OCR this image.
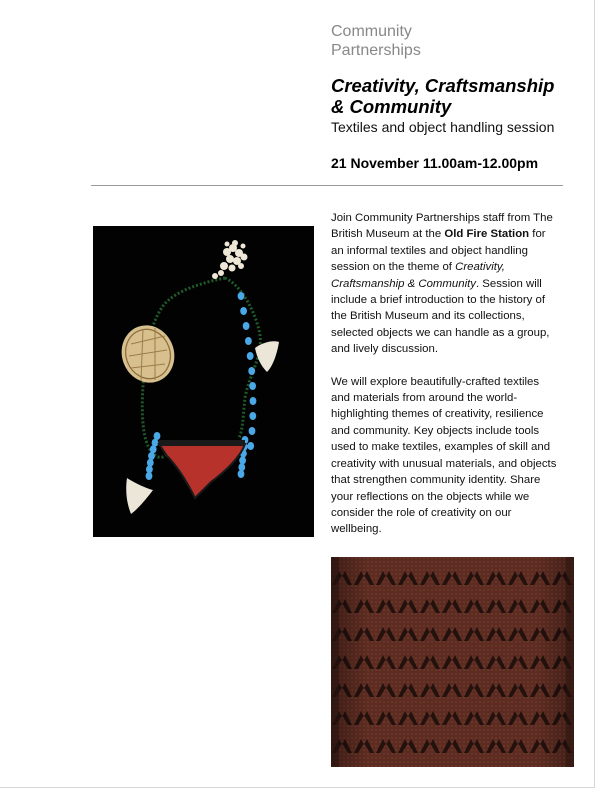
Community
Partnerships
Creativity, Craftsmanship
& Community
Textiles and object handling session
21 November 11.00am-12.00pm

Join Community Partnerships staff from The British Museum at the Old Fire Station for an informal textiles and object handling session on the theme of Creativity, Craftsmanship & Community. Session will include a brief introduction to the history of the British Museum and its collections, selected objects we can handle as a group, and lively discussion.

We will explore beautifully-crafted textiles and materials from around the world- highlighting themes of creativity, resilience and community. Key objects include tools used to make textiles, examples of skill and creativity with unusual materials, and objects that strengthen community identity. Share your reflections on the objects while we consider the role of creativity on our wellbeing.
